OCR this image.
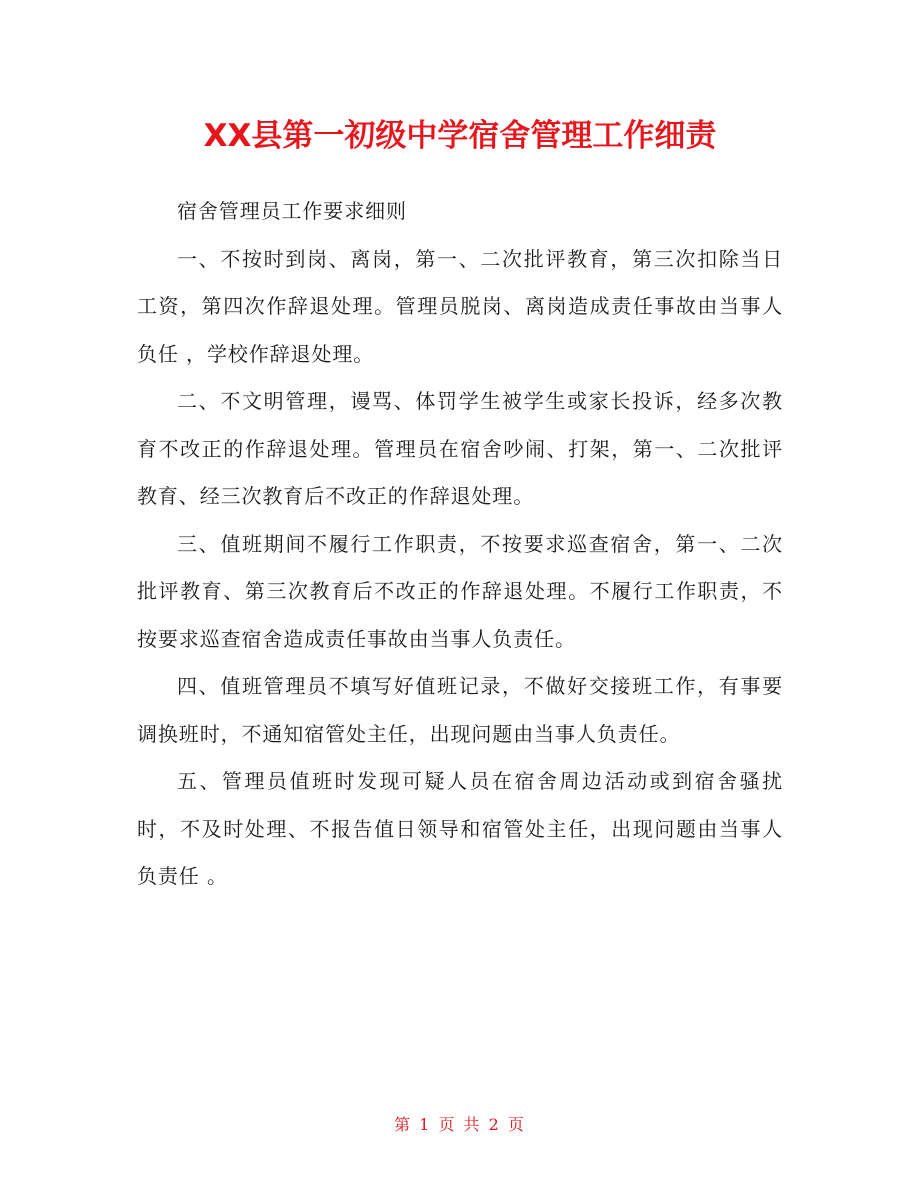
XX县第一初级中学宿舍管理工作细责

宿舍管理员工作要求细则

一、不按时到岗、离岗，第一、二次批评教育，第三次扣除当日工资，第四次作辞退处理。管理员脱岗、离岗造成责任事故由当事人负任 ，学校作辞退处理。

二、不文明管理，谩骂、体罚学生被学生或家长投诉，经多次教育不改正的作辞退处理。管理员在宿舍吵闹、打架，第一、二次批评教育、经三次教育后不改正的作辞退处理。

三、值班期间不履行工作职责，不按要求巡查宿舍，第一、二次批评教育、第三次教育后不改正的作辞退处理。不履行工作职责，不按要求巡查宿舍造成责任事故由当事人负责任。

四、值班管理员不填写好值班记录，不做好交接班工作，有事要调换班时，不通知宿管处主任，出现问题由当事人负责任。

五、管理员值班时发现可疑人员在宿舍周边活动或到宿舍骚扰时，不及时处理、不报告值日领导和宿管处主任，出现问题由当事人负责任 。

第 1 页 共 2 页
